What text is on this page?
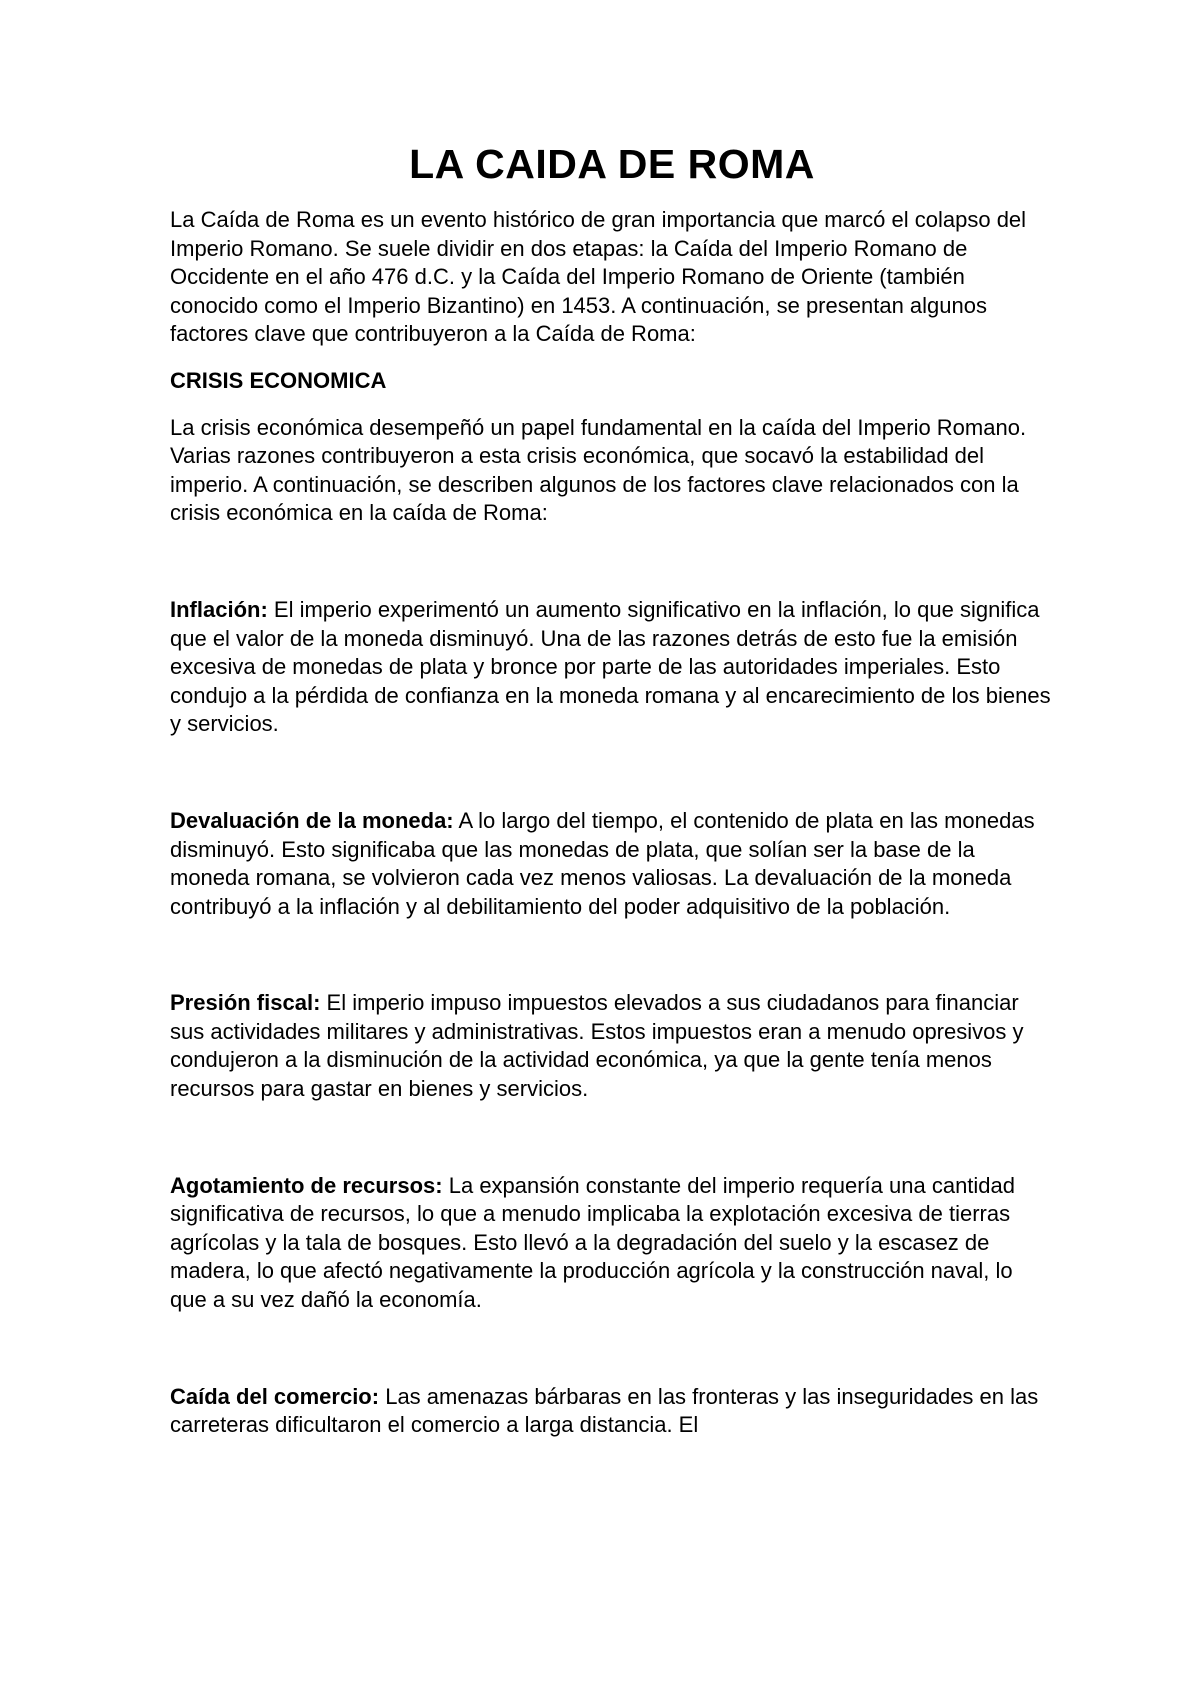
LA CAIDA DE ROMA

La Caída de Roma es un evento histórico de gran importancia que marcó el colapso del Imperio Romano. Se suele dividir en dos etapas: la Caída del Imperio Romano de Occidente en el año 476 d.C. y la Caída del Imperio Romano de Oriente (también conocido como el Imperio Bizantino) en 1453. A continuación, se presentan algunos factores clave que contribuyeron a la Caída de Roma:

CRISIS ECONOMICA

La crisis económica desempeñó un papel fundamental en la caída del Imperio Romano. Varias razones contribuyeron a esta crisis económica, que socavó la estabilidad del imperio. A continuación, se describen algunos de los factores clave relacionados con la crisis económica en la caída de Roma:

Inflación: El imperio experimentó un aumento significativo en la inflación, lo que significa que el valor de la moneda disminuyó. Una de las razones detrás de esto fue la emisión excesiva de monedas de plata y bronce por parte de las autoridades imperiales. Esto condujo a la pérdida de confianza en la moneda romana y al encarecimiento de los bienes y servicios.

Devaluación de la moneda: A lo largo del tiempo, el contenido de plata en las monedas disminuyó. Esto significaba que las monedas de plata, que solían ser la base de la moneda romana, se volvieron cada vez menos valiosas. La devaluación de la moneda contribuyó a la inflación y al debilitamiento del poder adquisitivo de la población.

Presión fiscal: El imperio impuso impuestos elevados a sus ciudadanos para financiar sus actividades militares y administrativas. Estos impuestos eran a menudo opresivos y condujeron a la disminución de la actividad económica, ya que la gente tenía menos recursos para gastar en bienes y servicios.

Agotamiento de recursos: La expansión constante del imperio requería una cantidad significativa de recursos, lo que a menudo implicaba la explotación excesiva de tierras agrícolas y la tala de bosques. Esto llevó a la degradación del suelo y la escasez de madera, lo que afectó negativamente la producción agrícola y la construcción naval, lo que a su vez dañó la economía.

Caída del comercio: Las amenazas bárbaras en las fronteras y las inseguridades en las carreteras dificultaron el comercio a larga distancia. El
